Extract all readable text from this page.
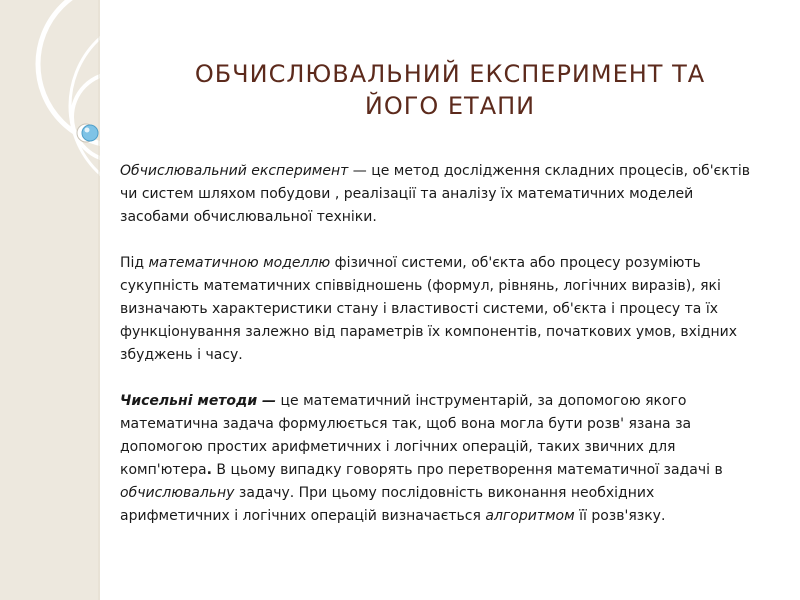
ОБЧИСЛЮВАЛЬНИЙ ЕКСПЕРИМЕНТ ТА
ЙОГО ЕТАПИ

Обчислювальний експеримент — це метод дослідження складних процесів, об'єктів чи систем шляхом побудови , реалізації та аналізу їх математичних моделей засобами обчислювальної техніки.

Під математичною моделлю фізичної системи, об'єкта або процесу розуміють сукупність математичних співвідношень (формул, рівнянь, логічних виразів), які визначають характеристики стану і властивості системи, об'єкта і процесу та їх функціонування залежно від параметрів їх компонентів, початкових умов, вхідних збуджень і часу.

Чисельні методи — це математичний інструментарій, за допомогою якого математична задача формулюється так, щоб вона могла бути розв' язана за допомогою простих арифметичних і логічних операцій, таких звичних для комп'ютера. В цьому випадку говорять про перетворення математичної задачі в обчислювальну задачу. При цьому послідовність виконання необхідних арифметичних і логічних операцій визначається алгоритмом її розв'язку.
